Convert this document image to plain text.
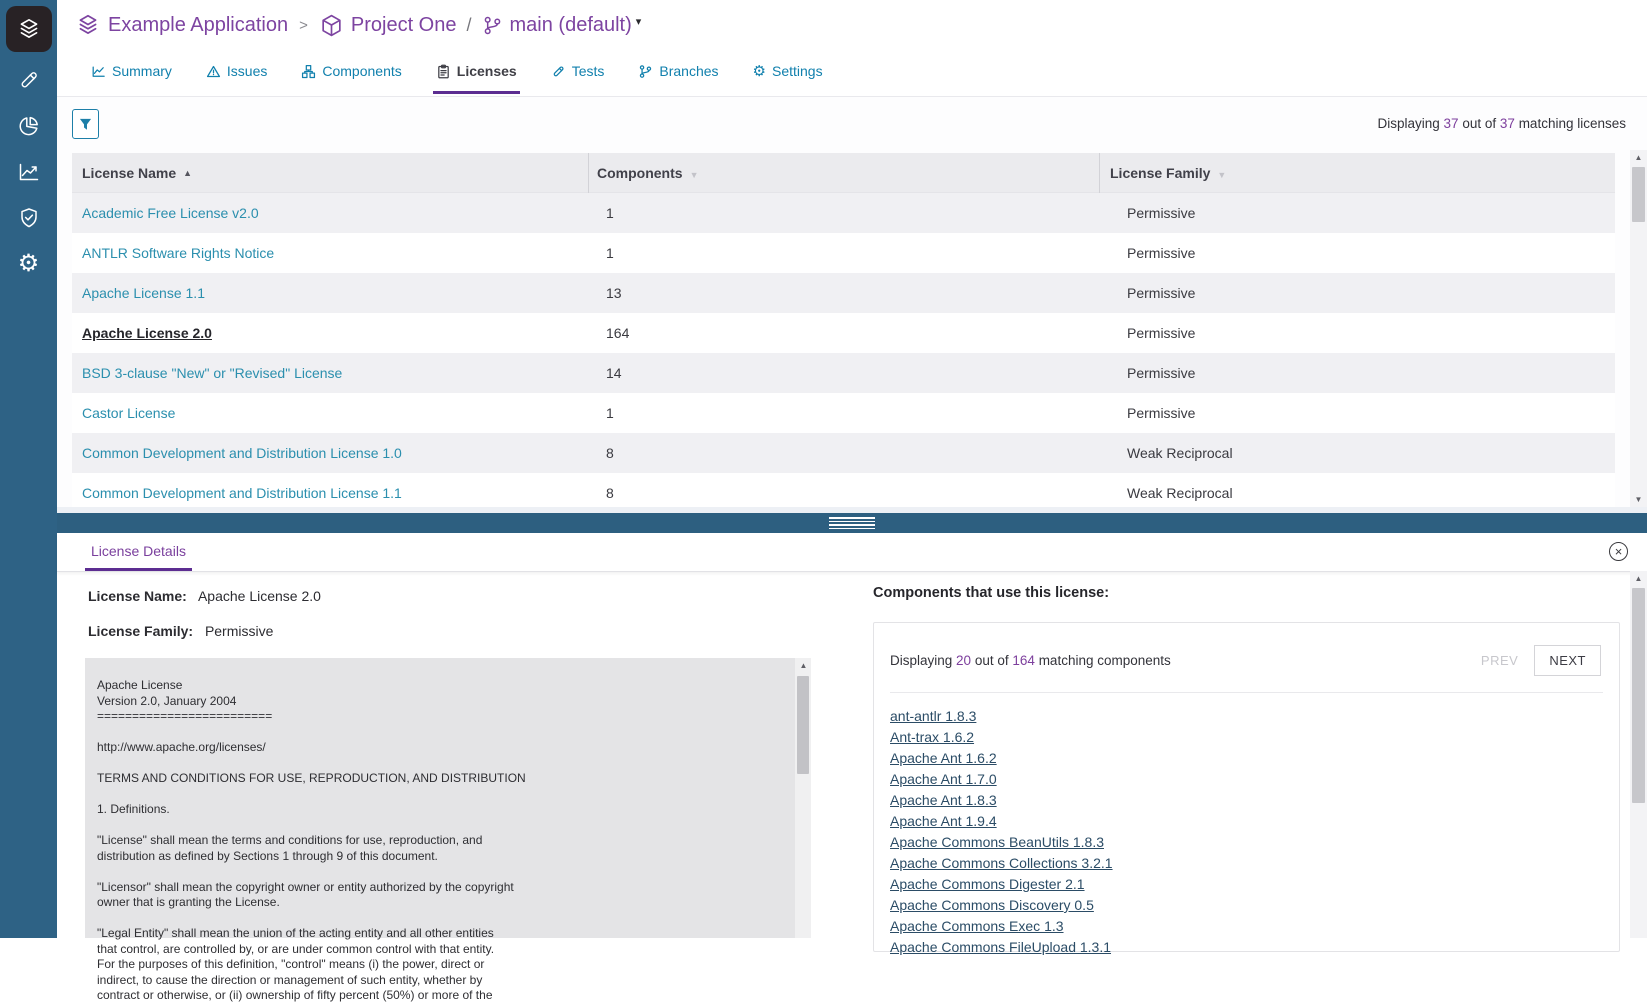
⚙
Example Application > Project One / main (default) ▾
Summary	Issues	Components	Licenses	Tests	Branches ⚙ Settings
Displaying 37 out of 37 matching licenses
License Name ▲	Components ▼	License Family ▼
Academic Free License v2.0	1	Permissive
ANTLR Software Rights Notice	1	Permissive
Apache License 1.1	13	Permissive
Apache License 2.0	164	Permissive
BSD 3-clause "New" or "Revised" License	14	Permissive
Castor License	1	Permissive
Common Development and Distribution License 1.0	8	Weak Reciprocal
Common Development and Distribution License 1.1	8	Weak Reciprocal
▲
▼
License Details	×
License Name: Apache License 2.0
License Family: Permissive
Apache License
Version 2.0, January 2004
=========================

http://www.apache.org/licenses/

TERMS AND CONDITIONS FOR USE, REPRODUCTION, AND DISTRIBUTION

1. Definitions.

"License" shall mean the terms and conditions for use, reproduction, and
distribution as defined by Sections 1 through 9 of this document.

"Licensor" shall mean the copyright owner or entity authorized by the copyright
owner that is granting the License.

"Legal Entity" shall mean the union of the acting entity and all other entities
that control, are controlled by, or are under common control with that entity.
For the purposes of this definition, "control" means (i) the power, direct or
indirect, to cause the direction or management of such entity, whether by
contract or otherwise, or (ii) ownership of fifty percent (50%) or more of the
▲
Components that use this license:
Displaying 20 out of 164 matching components	PREV	NEXT
ant-antlr 1.8.3
Ant-trax 1.6.2
Apache Ant 1.6.2
Apache Ant 1.7.0
Apache Ant 1.8.3
Apache Ant 1.9.4
Apache Commons BeanUtils 1.8.3
Apache Commons Collections 3.2.1
Apache Commons Digester 2.1
Apache Commons Discovery 0.5
Apache Commons Exec 1.3
Apache Commons FileUpload 1.3.1
▲
